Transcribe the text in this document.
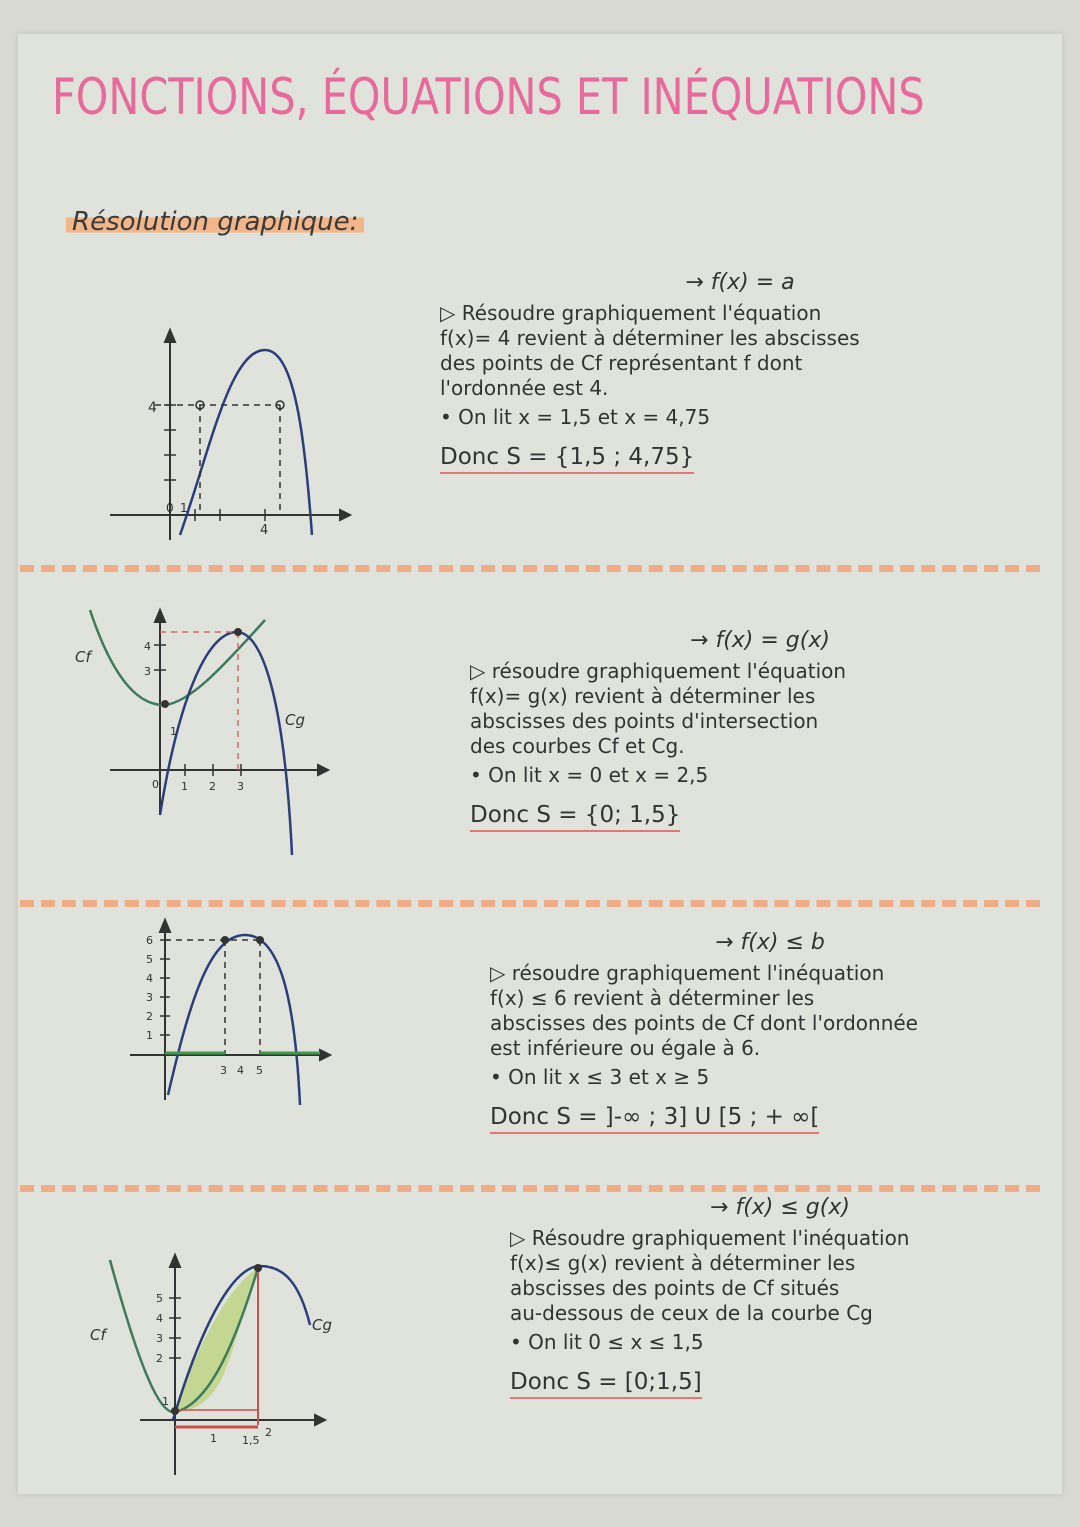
FONCTIONS, ÉQUATIONS ET INÉQUATIONS
Résolution graphique:
4
0 1
4
→ f(x) = a
▷ Résoudre graphiquement l'équation
f(x)= 4 revient à déterminer les abscisses
des points de Cf représentant f dont
l'ordonnée est 4.
• On lit x = 1,5 et x = 4,75
Donc S = {1,5 ; 4,75}
Cf
Cg
4
3
1
0 1 2 3
→ f(x) = g(x)
▷ résoudre graphiquement l'équation
f(x)= g(x) revient à déterminer les
abscisses des points d'intersection
des courbes Cf et Cg.
• On lit x = 0 et x = 2,5
Donc S = {0; 1,5}
6
5
4
3
2
1
3 4 5
→ f(x) ≤ b
▷ résoudre graphiquement l'inéquation
f(x) ≤ 6 revient à déterminer les
abscisses des points de Cf dont l'ordonnée
est inférieure ou égale à 6.
• On lit x ≤ 3 et x ≥ 5
Donc S = ]-∞ ; 3] U [5 ; + ∞[
Cf
Cg
5
4
3
2
1
1 1,5
2
→ f(x) ≤ g(x)
▷ Résoudre graphiquement l'inéquation
f(x)≤ g(x) revient à déterminer les
abscisses des points de Cf situés
au-dessous de ceux de la courbe Cg
• On lit 0 ≤ x ≤ 1,5
Donc S = [0;1,5]
